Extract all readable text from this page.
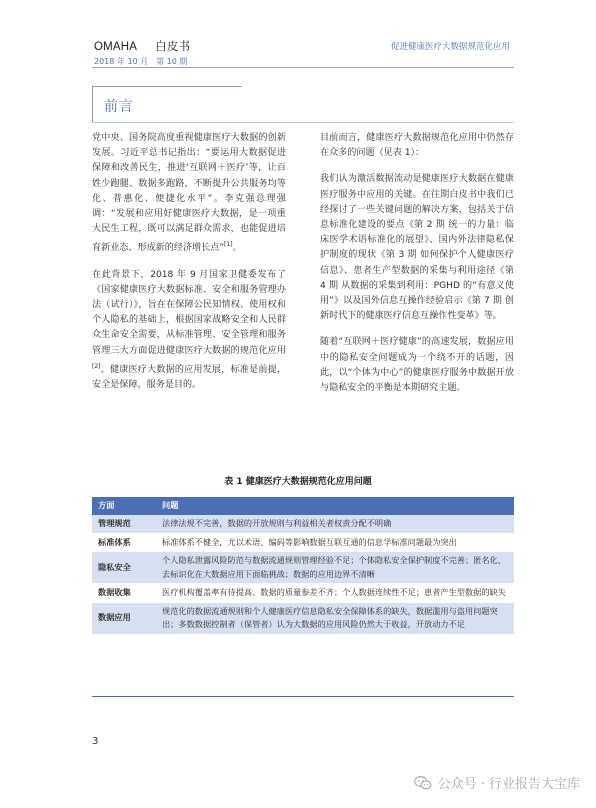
OMAHA 白皮书
2018 年 10 月 第 10 期
促进健康医疗大数据规范化应用
前言

党中央、国务院高度重视健康医疗大数据的创新发展。习近平总书记指出：“要运用大数据促进保障和改善民生，推进‘互联网＋医疗’等，让百姓少跑腿、数据多跑路，不断提升公共服务均等化、普惠化、便捷化水平”。李克强总理强调：“发展和应用好健康医疗大数据，是一项重大民生工程，既可以满足群众需求，也能促进培育新业态、形成新的经济增长点”[1]。

在此背景下，2018 年 9 月国家卫健委发布了《国家健康医疗大数据标准、安全和服务管理办法（试行）》，旨在在保障公民知情权、使用权和个人隐私的基础上，根据国家战略安全和人民群众生命安全需要，从标准管理、安全管理和服务管理三大方面促进健康医疗大数据的规范化应用[2]。健康医疗大数据的应用发展，标准是前提，安全是保障，服务是目的。

目前而言，健康医疗大数据规范化应用中仍然存在众多的问题（见表 1）：

我们认为激活数据流动是健康医疗大数据在健康医疗服务中应用的关键。在往期白皮书中我们已经探讨了一些关键问题的解决方案，包括关于信息标准化建设的要点《第 2 期 统一的力量：临床医学术语标准化的展望》、国内外法律隐私保护制度的现状《第 3 期 如何保护个人健康医疗信息》、患者生产型数据的采集与利用途径《第 4 期 从数据的采集到利用：PGHD 的“有意义使用”》以及国外信息互操作经验启示《第 7 期 创新时代下的健康医疗信息互操作性变革》等。

随着“互联网＋医疗健康”的高速发展，数据应用中的隐私安全问题成为一个绕不开的话题，因此，以“个体为中心”的健康医疗服务中数据开放与隐私安全的平衡是本期研究主题。

表 1 健康医疗大数据规范化应用问题
方面	问题
管理规范	法律法规不完善，数据的开放规则与利益相关者权责分配不明确
标准体系	标准体系不健全，尤以术语、编码等影响数据互联互通的信息学标准问题最为突出
隐私安全	个人隐私泄露风险防范与数据流通规则管理经验不足；个体隐私安全保护制度不完善；匿名化、去标识化在大数据应用下面临挑战；数据的应用边界不清晰
数据收集	医疗机构覆盖率有待提高、数据的质量参差不齐；个人数据连续性不足；患者产生型数据的缺失
数据应用	规范化的数据流通规则和个人健康医疗信息隐私安全保障体系的缺失，数据滥用与盗用问题突出；多数数据控制者（保管者）认为大数据的应用风险仍然大于收益，开放动力不足
3
公众号 · 行业报告大宝库
